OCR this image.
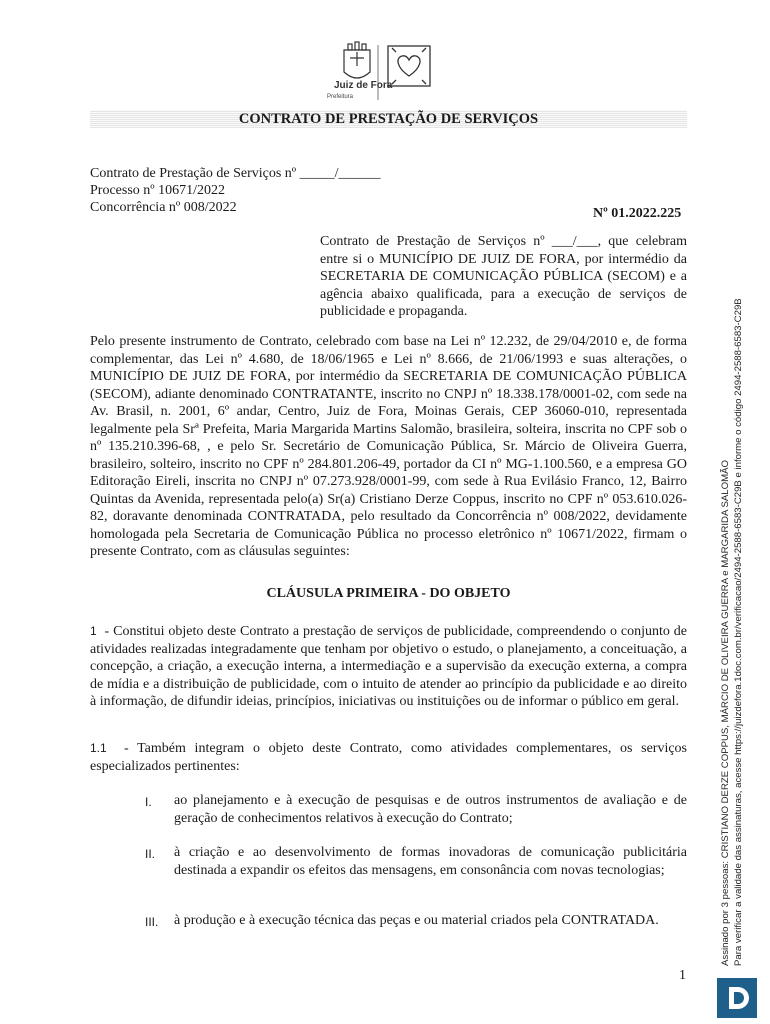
Juiz de Fora
Prefeitura
CONTRATO DE PRESTAÇÃO DE SERVIÇOS
Contrato de Prestação de Serviços nº _____/______
Processo nº 10671/2022
Concorrência nº 008/2022	Nº 01.2022.225

Contrato de Prestação de Serviços nº ___/___, que celebram entre si o MUNICÍPIO DE JUIZ DE FORA, por intermédio da SECRETARIA DE COMUNICAÇÃO PÚBLICA (SECOM) e a agência abaixo qualificada, para a execução de serviços de publicidade e propaganda.

Pelo presente instrumento de Contrato, celebrado com base na Lei nº 12.232, de 29/04/2010 e, de forma complementar, das Lei nº 4.680, de 18/06/1965 e Lei nº 8.666, de 21/06/1993 e suas alterações, o MUNICÍPIO DE JUIZ DE FORA, por intermédio da SECRETARIA DE COMUNICAÇÃO PÚBLICA (SECOM), adiante denominado CONTRATANTE, inscrito no CNPJ nº 18.338.178/0001-02, com sede na Av. Brasil, n. 2001, 6º andar, Centro, Juiz de Fora, Moinas Gerais, CEP 36060-010, representada legalmente pela Srª Prefeita, Maria Margarida Martins Salomão, brasileira, solteira, inscrita no CPF sob o nº 135.210.396-68, , e pelo Sr. Secretário de Comunicação Pública, Sr. Márcio de Oliveira Guerra, brasileiro, solteiro, inscrito no CPF nº 284.801.206-49, portador da CI nº MG-1.100.560, e a empresa GO Editoração Eireli, inscrita no CNPJ nº 07.273.928/0001-99, com sede à Rua Evilásio Franco, 12, Bairro Quintas da Avenida, representada pelo(a) Sr(a) Cristiano Derze Coppus, inscrito no CPF nº 053.610.026-82, doravante denominada CONTRATADA, pelo resultado da Concorrência nº 008/2022, devidamente homologada pela Secretaria de Comunicação Pública no processo eletrônico nº 10671/2022, firmam o presente Contrato, com as cláusulas seguintes:

CLÁUSULA PRIMEIRA - DO OBJETO

1 - Constitui objeto deste Contrato a prestação de serviços de publicidade, compreendendo o conjunto de atividades realizadas integradamente que tenham por objetivo o estudo, o planejamento, a conceituação, a concepção, a criação, a execução interna, a intermediação e a supervisão da execução externa, a compra de mídia e a distribuição de publicidade, com o intuito de atender ao princípio da publicidade e ao direito à informação, de difundir ideias, princípios, iniciativas ou instituições ou de informar o público em geral.

1.1 - Também integram o objeto deste Contrato, como atividades complementares, os serviços especializados pertinentes:

I. ao planejamento e à execução de pesquisas e de outros instrumentos de avaliação e de geração de conhecimentos relativos à execução do Contrato;

II. à criação e ao desenvolvimento de formas inovadoras de comunicação publicitária destinada a expandir os efeitos das mensagens, em consonância com novas tecnologias;

III. à produção e à execução técnica das peças e ou material criados pela CONTRATADA.

1
Assinado por 3 pessoas: CRISTIANO DERZE COPPUS, MÁRCIO DE OLIVEIRA GUERRA e MARGARIDA SALOMÃO Para verificar a validade das assinaturas, acesse https://juizdefora.1doc.com.br/verificacao/2494-2588-6583-C29B e informe o código 2494-2588-6583-C29B
